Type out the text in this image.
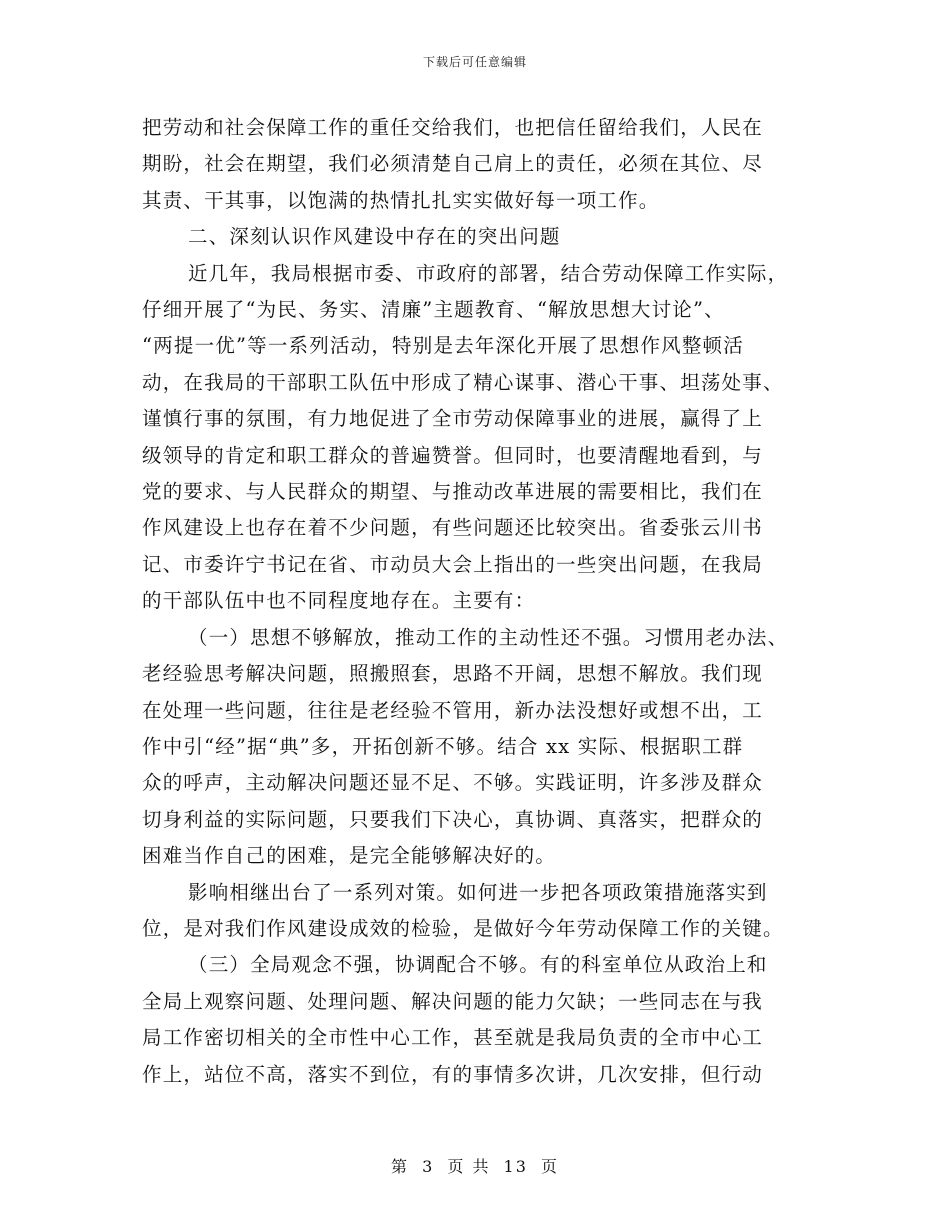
下载后可任意编辑

把劳动和社会保障工作的重任交给我们，也把信任留给我们，人民在

期盼，社会在期望，我们必须清楚自己肩上的责任，必须在其位、尽

其责、干其事，以饱满的热情扎扎实实做好每一项工作。

二、深刻认识作风建设中存在的突出问题

近几年，我局根据市委、市政府的部署，结合劳动保障工作实际，

仔细开展了“为民、务实、清廉”主题教育、“解放思想大讨论”、

“两提一优”等一系列活动，特别是去年深化开展了思想作风整顿活

动，在我局的干部职工队伍中形成了精心谋事、潜心干事、坦荡处事、

谨慎行事的氛围，有力地促进了全市劳动保障事业的进展，赢得了上

级领导的肯定和职工群众的普遍赞誉。但同时，也要清醒地看到，与

党的要求、与人民群众的期望、与推动改革进展的需要相比，我们在

作风建设上也存在着不少问题，有些问题还比较突出。省委张云川书

记、市委许宁书记在省、市动员大会上指出的一些突出问题，在我局

的干部队伍中也不同程度地存在。主要有：

（一）思想不够解放，推动工作的主动性还不强。习惯用老办法、

老经验思考解决问题，照搬照套，思路不开阔，思想不解放。我们现

在处理一些问题，往往是老经验不管用，新办法没想好或想不出，工

作中引“经”据“典”多，开拓创新不够。结合 xx 实际、根据职工群

众的呼声，主动解决问题还显不足、不够。实践证明，许多涉及群众

切身利益的实际问题，只要我们下决心，真协调、真落实，把群众的

困难当作自己的困难，是完全能够解决好的。

影响相继出台了一系列对策。如何进一步把各项政策措施落实到

位，是对我们作风建设成效的检验，是做好今年劳动保障工作的关键。

（三）全局观念不强，协调配合不够。有的科室单位从政治上和

全局上观察问题、处理问题、解决问题的能力欠缺；一些同志在与我

局工作密切相关的全市性中心工作，甚至就是我局负责的全市中心工

作上，站位不高，落实不到位，有的事情多次讲，几次安排，但行动

第 3 页 共 13 页
